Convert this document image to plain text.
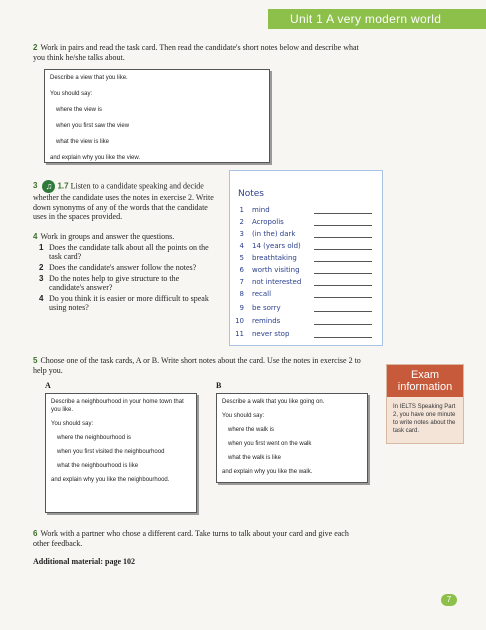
Unit 1 A very modern world
2 Work in pairs and read the task card. Then read the candidate's short notes below and describe what you think he/she talks about.
Describe a view that you like.
You should say:
where the view is
when you first saw the view
what the view is like
and explain why you like the view.
3 ♫ 1.7 Listen to a candidate speaking and decide whether the candidate uses the notes in exercise 2. Write down synonyms of any of the words that the candidate uses in the spaces provided.
4 Work in groups and answer the questions.
1 Does the candidate talk about all the points on the task card?
2 Does the candidate's answer follow the notes?
3 Do the notes help to give structure to the candidate's answer?
4 Do you think it is easier or more difficult to speak using notes?
Notes
1 mind
2 Acropolis
3 (in the) dark
4 14 (years old)
5 breathtaking
6 worth visiting
7 not interested
8 recall
9 be sorry
10 reminds
11 never stop
5 Choose one of the task cards, A or B. Write short notes about the card. Use the notes in exercise 2 to help you.
A	B
Describe a neighbourhood in your home town that you like.
You should say:
where the neighbourhood is
when you first visited the neighbourhood
what the neighbourhood is like
and explain why you like the neighbourhood.
Describe a walk that you like going on.
You should say:
where the walk is
when you first went on the walk
what the walk is like
and explain why you like the walk.
Exam information
In IELTS Speaking Part 2, you have one minute to write notes about the task card.
6 Work with a partner who chose a different card. Take turns to talk about your card and give each other feedback.
Additional material: page 102
7
